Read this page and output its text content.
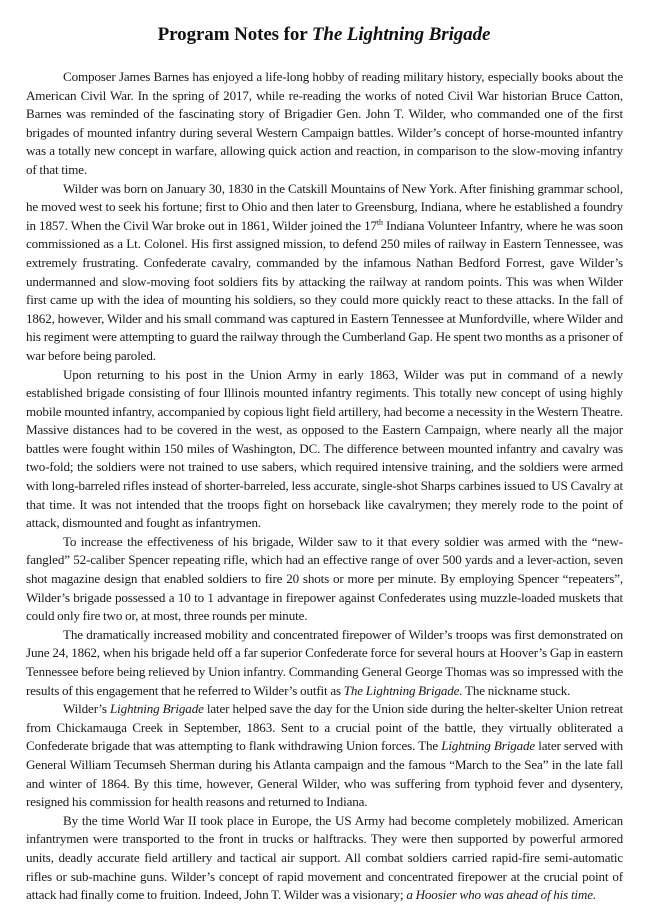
Program Notes for The Lightning Brigade

Composer James Barnes has enjoyed a life-long hobby of reading military history, especially books about the American Civil War. In the spring of 2017, while re-reading the works of noted Civil War historian Bruce Catton, Barnes was reminded of the fascinating story of Brigadier Gen. John T. Wilder, who commanded one of the first brigades of mounted infantry during several Western Campaign battles. Wilder’s concept of horse-mounted infantry was a totally new concept in warfare, allowing quick action and reaction, in comparison to the slow-moving infantry of that time.

Wilder was born on January 30, 1830 in the Catskill Mountains of New York. After finishing grammar school, he moved west to seek his fortune; first to Ohio and then later to Greensburg, Indiana, where he established a foundry in 1857. When the Civil War broke out in 1861, Wilder joined the 17th Indiana Volunteer Infantry, where he was soon commissioned as a Lt. Colonel. His first assigned mission, to defend 250 miles of railway in Eastern Tennessee, was extremely frustrating. Confederate cavalry, commanded by the infamous Nathan Bedford Forrest, gave Wilder’s undermanned and slow-moving foot soldiers fits by attacking the railway at random points. This was when Wilder first came up with the idea of mounting his soldiers, so they could more quickly react to these attacks. In the fall of 1862, however, Wilder and his small command was captured in Eastern Tennessee at Munfordville, where Wilder and his regiment were attempting to guard the railway through the Cumberland Gap. He spent two months as a prisoner of war before being paroled.

Upon returning to his post in the Union Army in early 1863, Wilder was put in command of a newly established brigade consisting of four Illinois mounted infantry regiments. This totally new concept of using highly mobile mounted infantry, accompanied by copious light field artillery, had become a necessity in the Western Theatre. Massive distances had to be covered in the west, as opposed to the Eastern Campaign, where nearly all the major battles were fought within 150 miles of Washington, DC. The difference between mounted infantry and cavalry was two-fold; the soldiers were not trained to use sabers, which required intensive training, and the soldiers were armed with long-barreled rifles instead of shorter-barreled, less accurate, single-shot Sharps carbines issued to US Cavalry at that time. It was not intended that the troops fight on horseback like cavalrymen; they merely rode to the point of attack, dismounted and fought as infantrymen.

To increase the effectiveness of his brigade, Wilder saw to it that every soldier was armed with the “new-fangled” 52-caliber Spencer repeating rifle, which had an effective range of over 500 yards and a lever-action, seven shot magazine design that enabled soldiers to fire 20 shots or more per minute. By employing Spencer “repeaters”, Wilder’s brigade possessed a 10 to 1 advantage in firepower against Confederates using muzzle-loaded muskets that could only fire two or, at most, three rounds per minute.

The dramatically increased mobility and concentrated firepower of Wilder’s troops was first demonstrated on June 24, 1862, when his brigade held off a far superior Confederate force for several hours at Hoover’s Gap in eastern Tennessee before being relieved by Union infantry. Commanding General George Thomas was so impressed with the results of this engagement that he referred to Wilder’s outfit as The Lightning Brigade. The nickname stuck.

Wilder’s Lightning Brigade later helped save the day for the Union side during the helter-skelter Union retreat from Chickamauga Creek in September, 1863. Sent to a crucial point of the battle, they virtually obliterated a Confederate brigade that was attempting to flank withdrawing Union forces. The Lightning Brigade later served with General William Tecumseh Sherman during his Atlanta campaign and the famous “March to the Sea” in the late fall and winter of 1864. By this time, however, General Wilder, who was suffering from typhoid fever and dysentery, resigned his commission for health reasons and returned to Indiana.

By the time World War II took place in Europe, the US Army had become completely mobilized. American infantrymen were transported to the front in trucks or halftracks. They were then supported by powerful armored units, deadly accurate field artillery and tactical air support. All combat soldiers carried rapid-fire semi-automatic rifles or sub-machine guns. Wilder’s concept of rapid movement and concentrated firepower at the crucial point of attack had finally come to fruition. Indeed, John T. Wilder was a visionary; a Hoosier who was ahead of his time.
